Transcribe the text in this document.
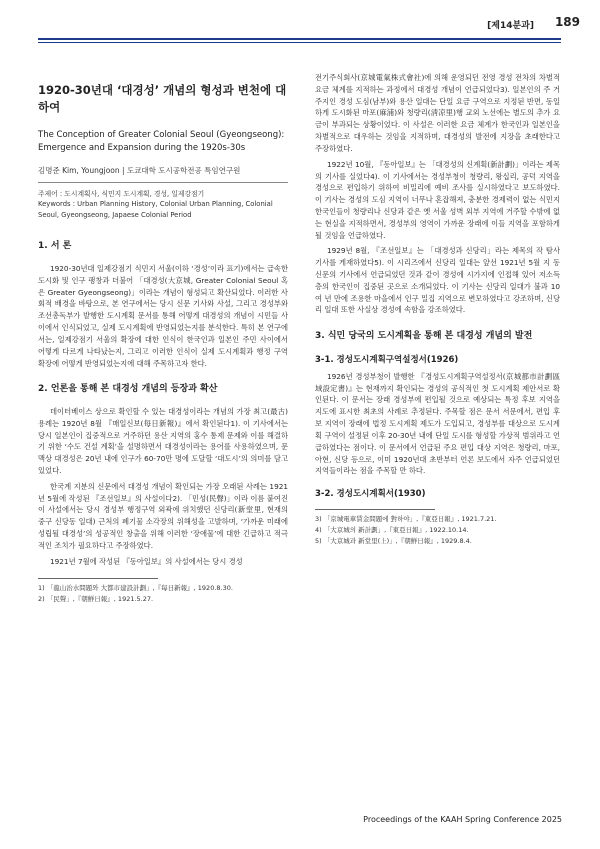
[제14분과] 189
1920-30년대 ‘대경성’ 개념의 형성과 변천에 대하여
The Conception of Greater Colonial Seoul (Gyeongseong): Emergence and Expansion during the 1920s-30s
김명준 Kim, Youngjoon | 도쿄대학 도시공학전공 특임연구원
주제어 : 도시계획사, 식민지 도시계획, 경성, 일제강점기
Keywords : Urban Planning History, Colonial Urban Planning, Colonial Seoul, Gyeongseong, Japaese Colonial Period
1. 서 론

1920-30년대 일제강점기 식민지 서울(이하 ‘경성’이라 표기)에서는 급속한 도시화 및 인구 팽창과 더불어 「대경성(大京城, Greater Colonial Seoul 혹은 Greater Gyeongseong)」이라는 개념이 형성되고 확산되었다. 이러한 사회적 배경을 바탕으로, 본 연구에서는 당시 신문 기사와 사설, 그리고 경성부와 조선총독부가 발행한 도시계획 문서를 통해 어떻게 대경성의 개념이 시민들 사이에서 인식되었고, 실제 도시계획에 반영되었는지를 분석한다. 특히 본 연구에서는, 일제강점기 서울의 확장에 대한 인식이 한국인과 일본인 주민 사이에서 어떻게 다르게 나타났는지, 그리고 이러한 인식이 실제 도시계획과 행정 구역 확장에 어떻게 반영되었는지에 대해 주목하고자 한다.

2. 언론을 통해 본 대경성 개념의 등장과 확산

데이터베이스 상으로 확인할 수 있는 대경성이라는 개념의 가장 최고(最古) 용례는 1920년 8월 『매일신보(每日新報)』에서 확인된다1). 이 기사에서는 당시 일본인이 집중적으로 거주하던 용산 지역의 홍수 통제 문제와 이를 해결하기 위한 ‘수도 건설 계획’을 설명하면서 대경성이라는 용어를 사용하였으며, 문맥상 대경성은 20년 내에 인구가 60-70만 명에 도달할 ‘대도시’의 의미를 담고 있었다.

한국계 지분의 신문에서 대경성 개념이 확인되는 가장 오래된 사례는 1921년 5월에 작성된 『조선일보』의 사설이다2). 「민성(民聲)」이라 이름 붙여진 이 사설에서는 당시 경성부 행정구역 외곽에 위치했던 신당리(新堂里, 현재의 중구 신당동 일대) 근처의 폐기물 소각장의 위해성을 고발하며, ‘가까운 미래에 성립될 대경성’의 성공적인 창출을 위해 이러한 ‘장애물’에 대한 긴급하고 적극적인 조치가 필요하다고 주장하였다.

1921년 7월에 작성된 『동아일보』의 사설에서는 당시 경성

1) 「龍山治水問題와 大都市建設計劃」,『每日新報』, 1920.8.30.
2) 「民聲」,『朝鮮日報』, 1921.5.27.

전기주식회사(京城電氣株式會社)에 의해 운영되던 전영 경성 전차의 차별적 요금 체계를 지적하는 과정에서 대경성 개념이 언급되었다3). 일본인의 주 거주지인 경성 도심(남부)와 용산 일대는 단일 요금 구역으로 지정된 반면, 동일하게 도시화된 마포(麻浦)와 청량리(淸凉里)행 교외 노선에는 별도의 추가 요금이 부과되는 상황이었다. 이 사설은 이러한 요금 체계가 한국인과 일본인을 차별적으로 대우하는 것임을 지적하며, 대경성의 발전에 지장을 초래한다고 주장하였다.

1922년 10월, 『동아일보』는 「대경성의 신계획(新計劃)」이라는 제목의 기사를 실었다4). 이 기사에서는 경성부청이 청량리, 왕십리, 공덕 지역을 경성으로 편입하기 위하여 비밀리에 예비 조사를 실시하였다고 보도하였다. 이 기사는 경성의 도심 지역이 너무나 혼잡해져, 충분한 경제력이 없는 식민지 한국인들이 청량리나 신당과 같은 옛 서울 성벽 외부 지역에 거주할 수밖에 없는 현실을 지적하면서, 경성부의 영역이 가까운 장래에 이들 지역을 포함하게 될 것임을 언급하였다.

1929년 8월, 『조선일보』는 「대경성과 신당리」라는 제목의 작 탐사 기사를 게재하였다5). 이 시리즈에서 신당리 일대는 앞선 1921년 5월 지 동 신문의 기사에서 언급되었던 것과 같이 경성에 시가지에 인접해 있어 저소득층의 한국인이 집중된 곳으로 소개되었다. 이 기사는 신당리 일대가 불과 10여 년 만에 조용한 마을에서 인구 밀집 지역으로 변모하였다고 강조하며, 신당리 일대 또한 사실상 경성에 속함을 강조하였다.

3. 식민 당국의 도시계획을 통해 본 대경성 개념의 발전
3-1. 경성도시계획구역설정서(1926)

1926년 경성부청이 발행한 『경성도시계획구역설정서(京城都市計劃區域設定書)』는 현재까지 확인되는 경성의 공식적인 첫 도시계획 제안서로 확인된다. 이 문서는 장래 경성부에 편입될 것으로 예상되는 특정 후보 지역을 지도에 표시한 최초의 사례로 추정된다. 주목할 점은 문서 서문에서, 편입 후보 지역이 장래에 법정 도시계획 제도가 도입되고, 경성부를 대상으로 도시계획 구역이 설정된 이후 20-30년 내에 단일 도시를 형성할 가상적 범위라고 언급하였다는 점이다. 이 문서에서 언급된 주요 편입 대상 지역은 청량리, 마포, 아현, 신당 등으로, 이미 1920년대 초반부터 언론 보도에서 자주 언급되었던 지역들이라는 점을 주목할 만 하다.

3-2. 경성도시계획서(1930)
3) 「京城電車賃金問題에 對하야」,『東亞日報』, 1921.7.21.
4) 「大京城의 新計劃」,『東亞日報』, 1922.10.14.
5) 「大京城과 新堂里(上)」,『朝鮮日報』, 1929.8.4.
Proceedings of the KAAH Spring Conference 2025
